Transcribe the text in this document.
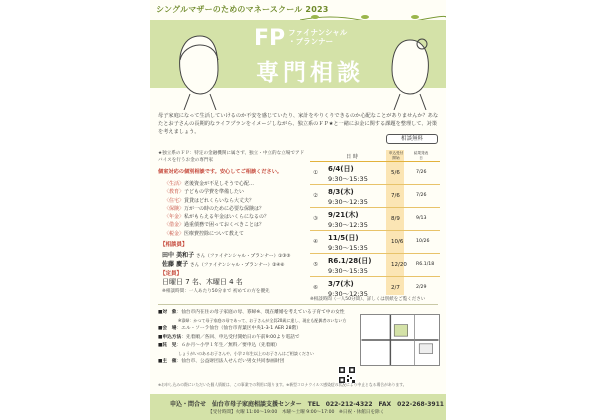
シングルマザーのためのマネースクール 2023
FP ファイナンシャル
・プランナー
専門相談
母子家庭になって生活していけるのか不安を感じていたり、家計をやりくりできるのか心配なことがありませんか？あなたとお子さんの長期的なライフプランをイメージしながら、独立系のＦＰ★と一緒にお金に関する課題を整理して、対策を考えましょう。
相談無料
★独立系のＦＰ：特定の金融機関に属さず、独立・中立的な立場でアドバイスを行うお金の専門家
個室対応の個別相談です。安心してご相談ください。
〈生活〉老後資金が不足しそうで心配…
〈教育〉子どもの学費を準備したい
〈住宅〉賃貸はどれくらいなら大丈夫？
〈保険〉万が一の時のために必要な保険は？
〈年金〉私がもらえる年金はいくらになるの？
〈借金〉過重債務で困っておくべきことは？
〈税金〉医療費控除について教えて
【相談員】
田中 美和子 さん（ファイナンシャル・プランナー）①③⑤
佐藤 慶子 さん（ファイナンシャル・プランナー）②④⑥
【定員】
日曜日 7 名、木曜日 4 名
※相談時間：一人あたり50分まで 初めての方を優先
日 時
申込受付開始
結果発表日
① 6/4(日)
9:30～15:35
5/6	7/26
② 8/3(木)
9:30～12:35
7/6	7/26
③ 9/21(木)
9:30～12:35
8/9	9/13
④ 11/5(日)
9:30～15:35
10/6	10/26
⑤ R6.1/28(日)
9:30～15:35
12/20 R6.1/18
⑥ 3/7(木)
9:30～12:35
2/7	2/29
※相談時間（一人50分間）、詳しくは別紙をご覧ください
■対　象：仙台市内在住の母子家庭の母、寡婦※、現在離婚を考えている子育て中の女性
※寡婦：かつて母子家庭の母であって、お子さんが全員20歳に達し、現在も配偶者のいない方
■会　場：エル・ソーラ仙台（仙台市青葉区中央1-3-1 AER 28階）
■申込方法：先着順／各回、申込受付開始日の午前9:00より電話で
■託　児：６か月～小学１年生／無料／要申込（先着順）
しょうがいのあるお子さんや、小学２年生以上のお子さんはご相談ください
■主　催：仙台市、公益財団法人せんだい男女共同参画財団
※お申し込みの際にいただいた個人情報は、この事業での利用に限ります。※新型コロナウイルス感染症の状況により中止となる場合があります。
申込・問合せ　仙台市母子家庭相談支援センター　TEL　022-212-4322　FAX　022-268-3911
【受付時間】火曜 11:00～19:00　木曜～土曜 9:00～17:00　※日祝・休館日を除く
